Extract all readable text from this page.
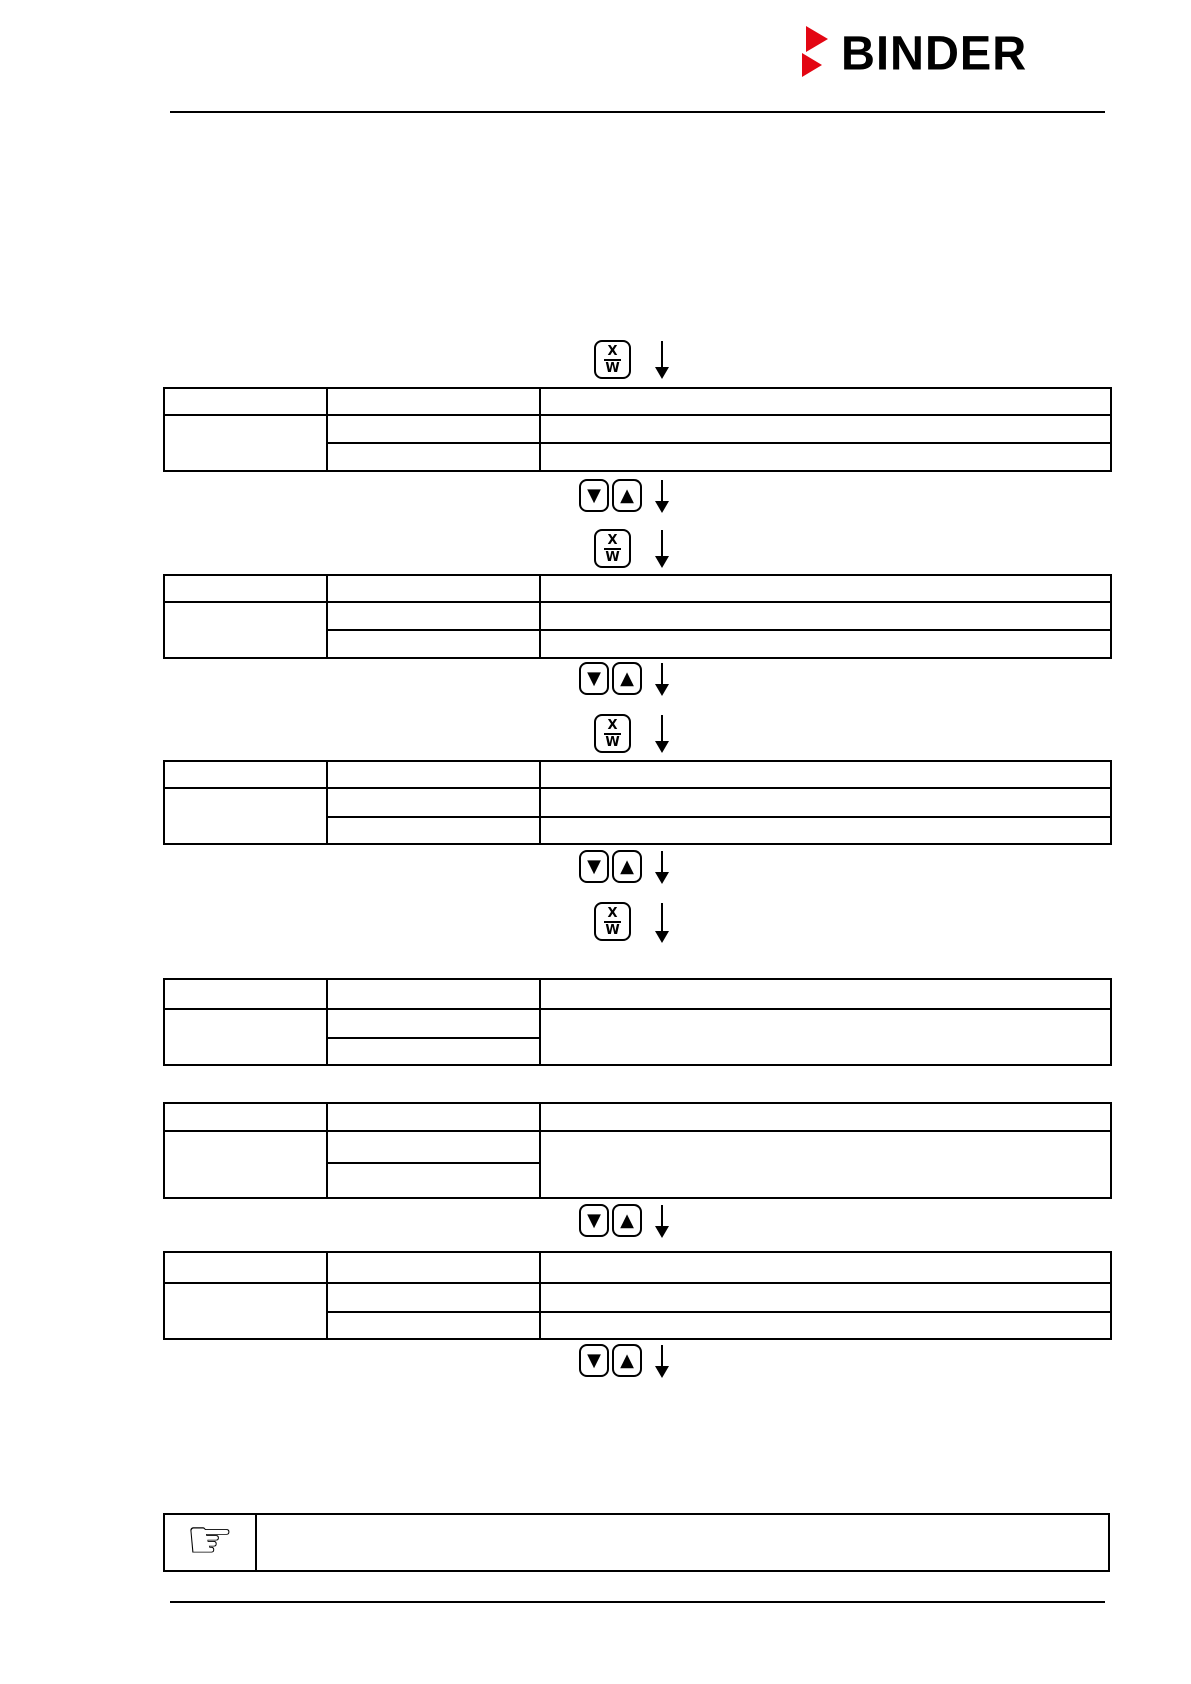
BINDER
X
W

▼ ▲
X
W

▼ ▲
X
W

▼ ▲
X
W

▼ ▲

▼ ▲
☞
